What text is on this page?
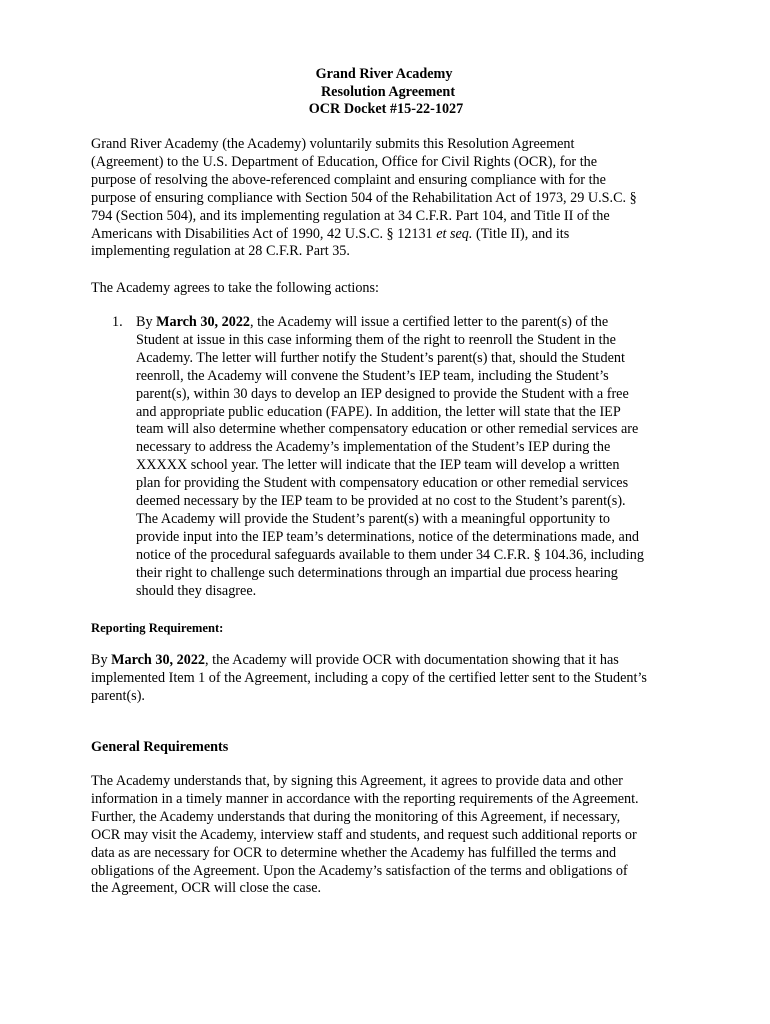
Grand River Academy
Resolution Agreement
OCR Docket #15-22-1027
Grand River Academy (the Academy) voluntarily submits this Resolution Agreement
(Agreement) to the U.S. Department of Education, Office for Civil Rights (OCR), for the
purpose of resolving the above-referenced complaint and ensuring compliance with for the
purpose of ensuring compliance with Section 504 of the Rehabilitation Act of 1973, 29 U.S.C. §
794 (Section 504), and its implementing regulation at 34 C.F.R. Part 104, and Title II of the
Americans with Disabilities Act of 1990, 42 U.S.C. § 12131 et seq. (Title II), and its
implementing regulation at 28 C.F.R. Part 35.
The Academy agrees to take the following actions:
1. By March 30, 2022, the Academy will issue a certified letter to the parent(s) of the
Student at issue in this case informing them of the right to reenroll the Student in the
Academy. The letter will further notify the Student’s parent(s) that, should the Student
reenroll, the Academy will convene the Student’s IEP team, including the Student’s
parent(s), within 30 days to develop an IEP designed to provide the Student with a free
and appropriate public education (FAPE). In addition, the letter will state that the IEP
team will also determine whether compensatory education or other remedial services are
necessary to address the Academy’s implementation of the Student’s IEP during the
XXXXX school year. The letter will indicate that the IEP team will develop a written
plan for providing the Student with compensatory education or other remedial services
deemed necessary by the IEP team to be provided at no cost to the Student’s parent(s).
The Academy will provide the Student’s parent(s) with a meaningful opportunity to
provide input into the IEP team’s determinations, notice of the determinations made, and
notice of the procedural safeguards available to them under 34 C.F.R. § 104.36, including
their right to challenge such determinations through an impartial due process hearing
should they disagree.
Reporting Requirement:
By March 30, 2022, the Academy will provide OCR with documentation showing that it has
implemented Item 1 of the Agreement, including a copy of the certified letter sent to the Student’s
parent(s).
General Requirements
The Academy understands that, by signing this Agreement, it agrees to provide data and other
information in a timely manner in accordance with the reporting requirements of the Agreement.
Further, the Academy understands that during the monitoring of this Agreement, if necessary,
OCR may visit the Academy, interview staff and students, and request such additional reports or
data as are necessary for OCR to determine whether the Academy has fulfilled the terms and
obligations of the Agreement. Upon the Academy’s satisfaction of the terms and obligations of
the Agreement, OCR will close the case.
